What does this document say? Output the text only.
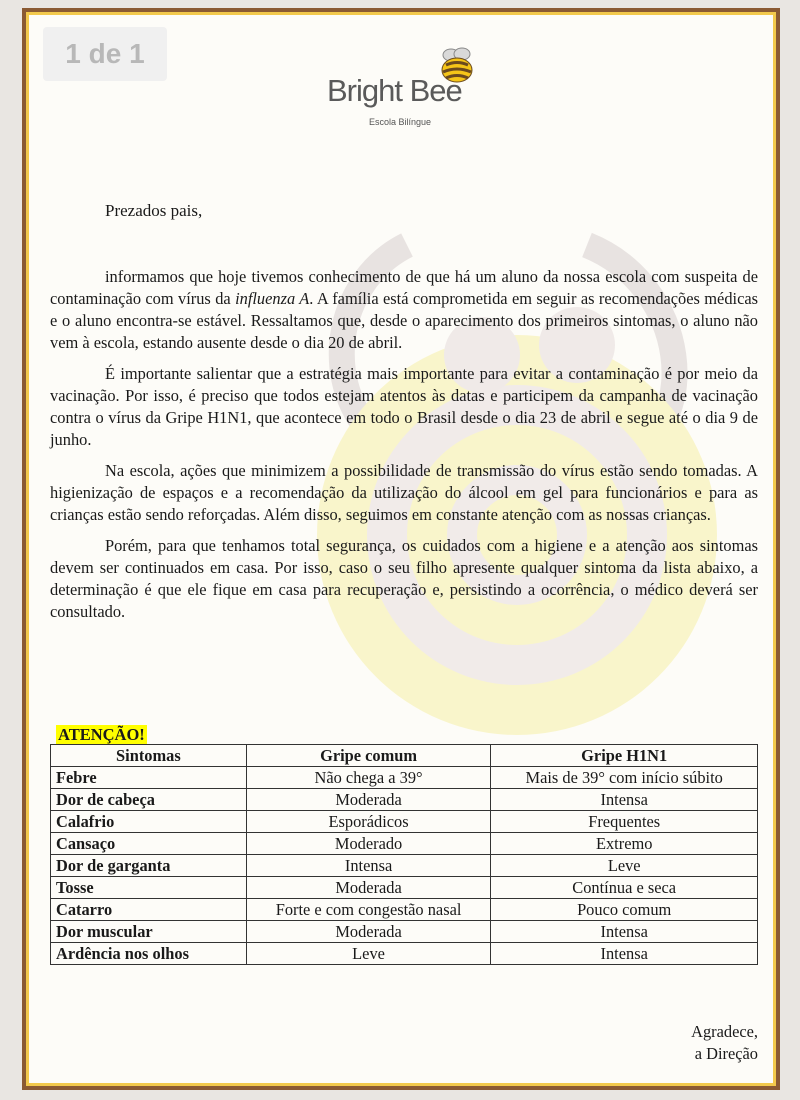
1 de 1
Bright Bee
Escola Bilíngue
Prezados pais,

informamos que hoje tivemos conhecimento de que há um aluno da nossa escola com suspeita de contaminação com vírus da influenza A. A família está comprometida em seguir as recomendações médicas e o aluno encontra-se estável. Ressaltamos que, desde o aparecimento dos primeiros sintomas, o aluno não vem à escola, estando ausente desde o dia 20 de abril.

É importante salientar que a estratégia mais importante para evitar a contaminação é por meio da vacinação. Por isso, é preciso que todos estejam atentos às datas e participem da campanha de vacinação contra o vírus da Gripe H1N1, que acontece em todo o Brasil desde o dia 23 de abril e segue até o dia 9 de junho.

Na escola, ações que minimizem a possibilidade de transmissão do vírus estão sendo tomadas. A higienização de espaços e a recomendação da utilização do álcool em gel para funcionários e para as crianças estão sendo reforçadas. Além disso, seguimos em constante atenção com as nossas crianças.

Porém, para que tenhamos total segurança, os cuidados com a higiene e a atenção aos sintomas devem ser continuados em casa. Por isso, caso o seu filho apresente qualquer sintoma da lista abaixo, a determinação é que ele fique em casa para recuperação e, persistindo a ocorrência, o médico deverá ser consultado.

ATENÇÃO!
Sintomas	Gripe comum	Gripe H1N1
Febre	Não chega a 39°	Mais de 39° com início súbito
Dor de cabeça	Moderada	Intensa
Calafrio	Esporádicos	Frequentes
Cansaço	Moderado	Extremo
Dor de garganta	Intensa	Leve
Tosse	Moderada	Contínua e seca
Catarro	Forte e com congestão nasal	Pouco comum
Dor muscular	Moderada	Intensa
Ardência nos olhos	Leve	Intensa
Agradece,
a Direção
